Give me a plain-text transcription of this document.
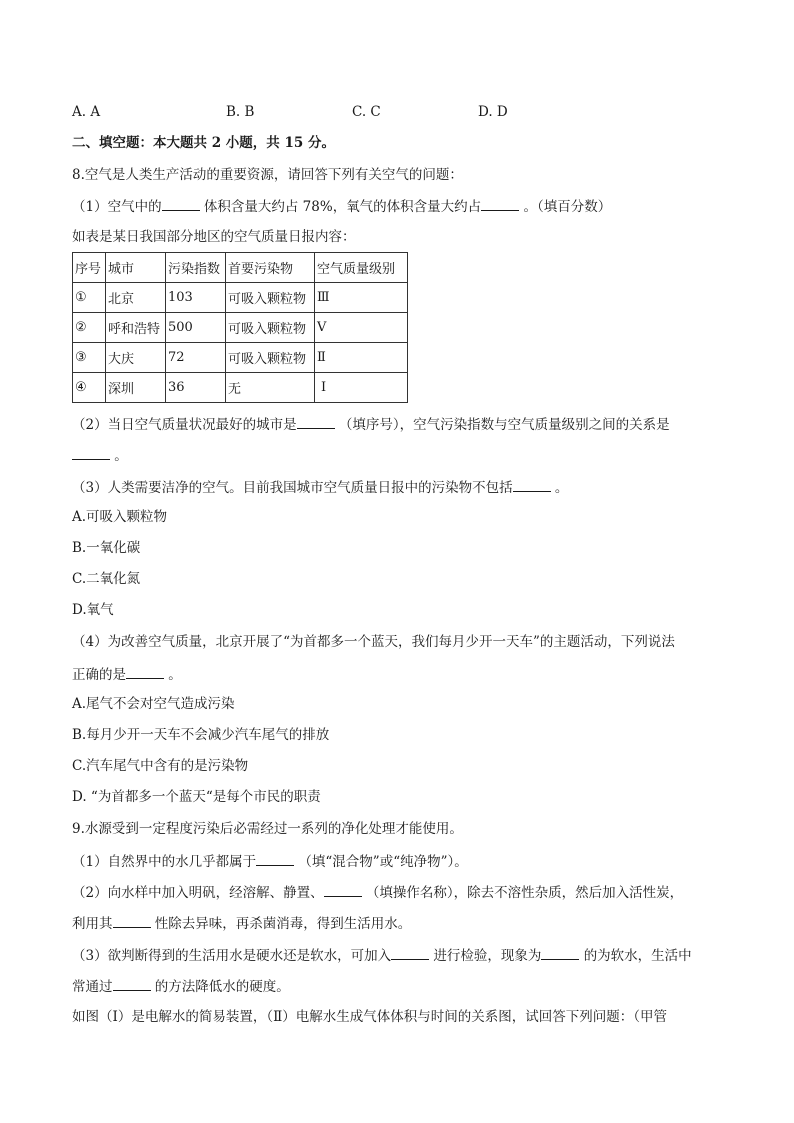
A. A	B. B	C. C	D. D
二、填空题：本大题共 2 小题，共 15 分。
8.空气是人类生产活动的重要资源，请回答下列有关空气的问题：
（1）空气中的	体积含量大约占 78%，氧气的体积含量大约占	。（填百分数）
如表是某日我国部分地区的空气质量日报内容：
序号	城市	污染指数	首要污染物	空气质量级别
①	北京	103	可吸入颗粒物	Ⅲ
②	呼和浩特	500	可吸入颗粒物	Ⅴ
③	大庆	72	可吸入颗粒物	Ⅱ
④	深圳	36	无	Ⅰ
（2）当日空气质量状况最好的城市是	（填序号），空气污染指数与空气质量级别之间的关系是
。
（3）人类需要洁净的空气。目前我国城市空气质量日报中的污染物不包括	。
A.可吸入颗粒物
B.一氧化碳
C.二氧化氮
D.氧气
（4）为改善空气质量，北京开展了“为首都多一个蓝天，我们每月少开一天车”的主题活动，下列说法
正确的是	。
A.尾气不会对空气造成污染
B.每月少开一天车不会减少汽车尾气的排放
C.汽车尾气中含有的是污染物
D. “为首都多一个蓝天“是每个市民的职责
9.水源受到一定程度污染后必需经过一系列的净化处理才能使用。
（1）自然界中的水几乎都属于	（填“混合物”或“纯净物”）。
（2）向水样中加入明矾，经溶解、静置、	（填操作名称），除去不溶性杂质，然后加入活性炭，
利用其	性除去异味，再杀菌消毒，得到生活用水。
（3）欲判断得到的生活用水是硬水还是软水，可加入	进行检验，现象为	的为软水，生活中
常通过	的方法降低水的硬度。
如图（Ⅰ）是电解水的简易装置，（Ⅱ）电解水生成气体体积与时间的关系图，试回答下列问题：（甲管
